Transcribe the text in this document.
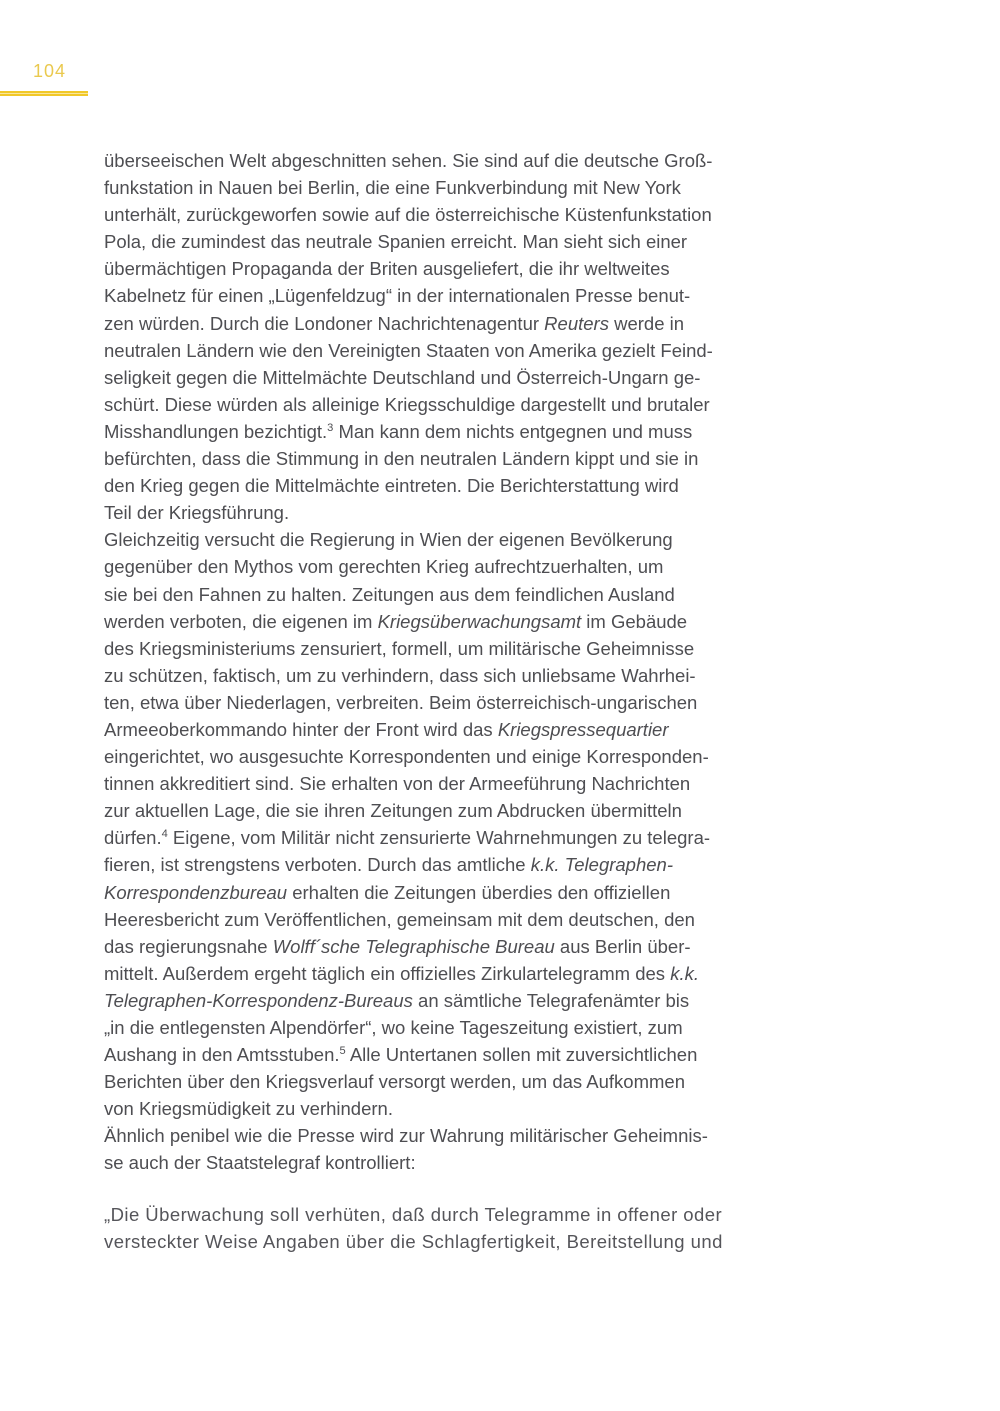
104
überseeischen Welt abgeschnitten sehen. Sie sind auf die deutsche Groß-
funkstation in Nauen bei Berlin, die eine Funkverbindung mit New York
unterhält, zurückgeworfen sowie auf die österreichische Küstenfunkstation
Pola, die zumindest das neutrale Spanien erreicht. Man sieht sich einer
übermächtigen Propaganda der Briten ausgeliefert, die ihr weltweites
Kabelnetz für einen „Lügenfeldzug“ in der internationalen Presse benut-
zen würden. Durch die Londoner Nachrichtenagentur Reuters werde in
neutralen Ländern wie den Vereinigten Staaten von Amerika gezielt Feind-
seligkeit gegen die Mittelmächte Deutschland und Österreich-Ungarn ge-
schürt. Diese würden als alleinige Kriegsschuldige dargestellt und brutaler
Misshandlungen bezichtigt.$^3$ Man kann dem nichts entgegnen und muss
befürchten, dass die Stimmung in den neutralen Ländern kippt und sie in
den Krieg gegen die Mittelmächte eintreten. Die Berichterstattung wird
Teil der Kriegsführung.
Gleichzeitig versucht die Regierung in Wien der eigenen Bevölkerung
gegenüber den Mythos vom gerechten Krieg aufrechtzuerhalten, um
sie bei den Fahnen zu halten. Zeitungen aus dem feindlichen Ausland
werden verboten, die eigenen im Kriegsüberwachungsamt im Gebäude
des Kriegsministeriums zensuriert, formell, um militärische Geheimnisse
zu schützen, faktisch, um zu verhindern, dass sich unliebsame Wahrhei-
ten, etwa über Niederlagen, verbreiten. Beim österreichisch-ungarischen
Armeeoberkommando hinter der Front wird das Kriegspressequartier
eingerichtet, wo ausgesuchte Korrespondenten und einige Korresponden-
tinnen akkreditiert sind. Sie erhalten von der Armeeführung Nachrichten
zur aktuellen Lage, die sie ihren Zeitungen zum Abdrucken übermitteln
dürfen.$^4$ Eigene, vom Militär nicht zensurierte Wahrnehmungen zu telegra-
fieren, ist strengstens verboten. Durch das amtliche k.k. Telegraphen-
Korrespondenzbureau erhalten die Zeitungen überdies den offiziellen
Heeresbericht zum Veröffentlichen, gemeinsam mit dem deutschen, den
das regierungsnahe Wolff´sche Telegraphische Bureau aus Berlin über-
mittelt. Außerdem ergeht täglich ein offizielles Zirkulartelegramm des k.k.
Telegraphen-Korrespondenz-Bureaus an sämtliche Telegrafenämter bis
„in die entlegensten Alpendörfer“, wo keine Tageszeitung existiert, zum
Aushang in den Amtsstuben.$^5$ Alle Untertanen sollen mit zuversichtlichen
Berichten über den Kriegsverlauf versorgt werden, um das Aufkommen
von Kriegsmüdigkeit zu verhindern.
Ähnlich penibel wie die Presse wird zur Wahrung militärischer Geheimnis-
se auch der Staatstelegraf kontrolliert:
„Die Überwachung soll verhüten, daß durch Telegramme in offener oder
versteckter Weise Angaben über die Schlagfertigkeit, Bereitstellung und
